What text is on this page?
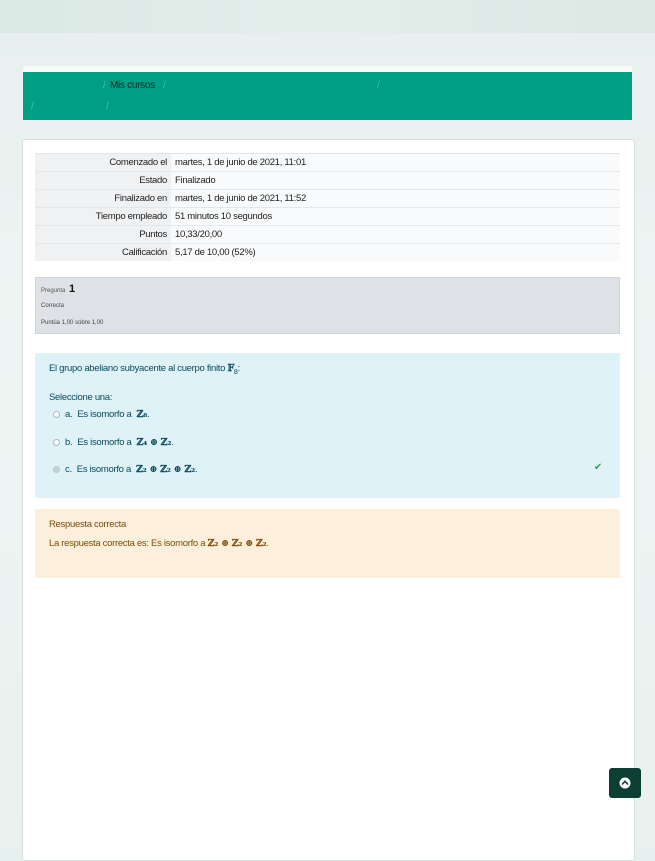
/ Mis cursos /	/
/	/
Comenzado el	martes, 1 de junio de 2021, 11:01
Estado	Finalizado
Finalizado en	martes, 1 de junio de 2021, 11:52
Tiempo empleado	51 minutos 10 segundos
Puntos	10,33/20,00
Calificación	5,17 de 10,00 (52%)
Pregunta 1
Correcta
Puntúa 1,00 sobre 1,00
El grupo abeliano subyacente al cuerpo finito 𝔽$_8$:
Seleccione una:
a. Es isomorfo a ℤ₈ .
b. Es isomorfo a ℤ₄ ⊕ ℤ₂ .
c. Es isomorfo a ℤ₂ ⊕ ℤ₂ ⊕ ℤ₂ .	✔
Respuesta correcta
La respuesta correcta es: Es isomorfo a ℤ₂ ⊕ ℤ₂ ⊕ ℤ₂.
